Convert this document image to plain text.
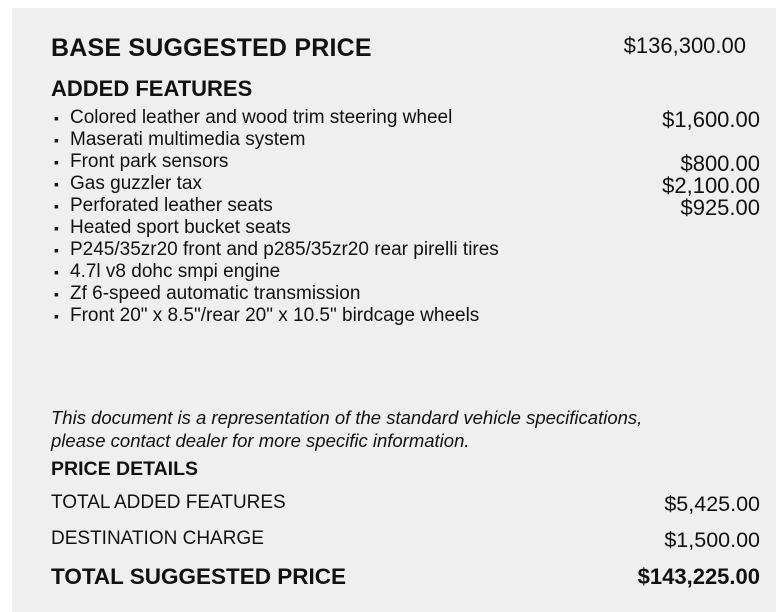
BASE SUGGESTED PRICE	$136,300.00
ADDED FEATURES
▪ Colored leather and wood trim steering wheel	$1,600.00
▪ Maserati multimedia system
▪ Front park sensors	$800.00
▪ Gas guzzler tax	$2,100.00
▪ Perforated leather seats	$925.00
▪ Heated sport bucket seats
▪ P245/35zr20 front and p285/35zr20 rear pirelli tires
▪ 4.7l v8 dohc smpi engine
▪ Zf 6-speed automatic transmission
▪ Front 20" x 8.5"/rear 20" x 10.5" birdcage wheels
This document is a representation of the standard vehicle specifications,
please contact dealer for more specific information.
PRICE DETAILS
TOTAL ADDED FEATURES	$5,425.00
DESTINATION CHARGE	$1,500.00
TOTAL SUGGESTED PRICE	$143,225.00
